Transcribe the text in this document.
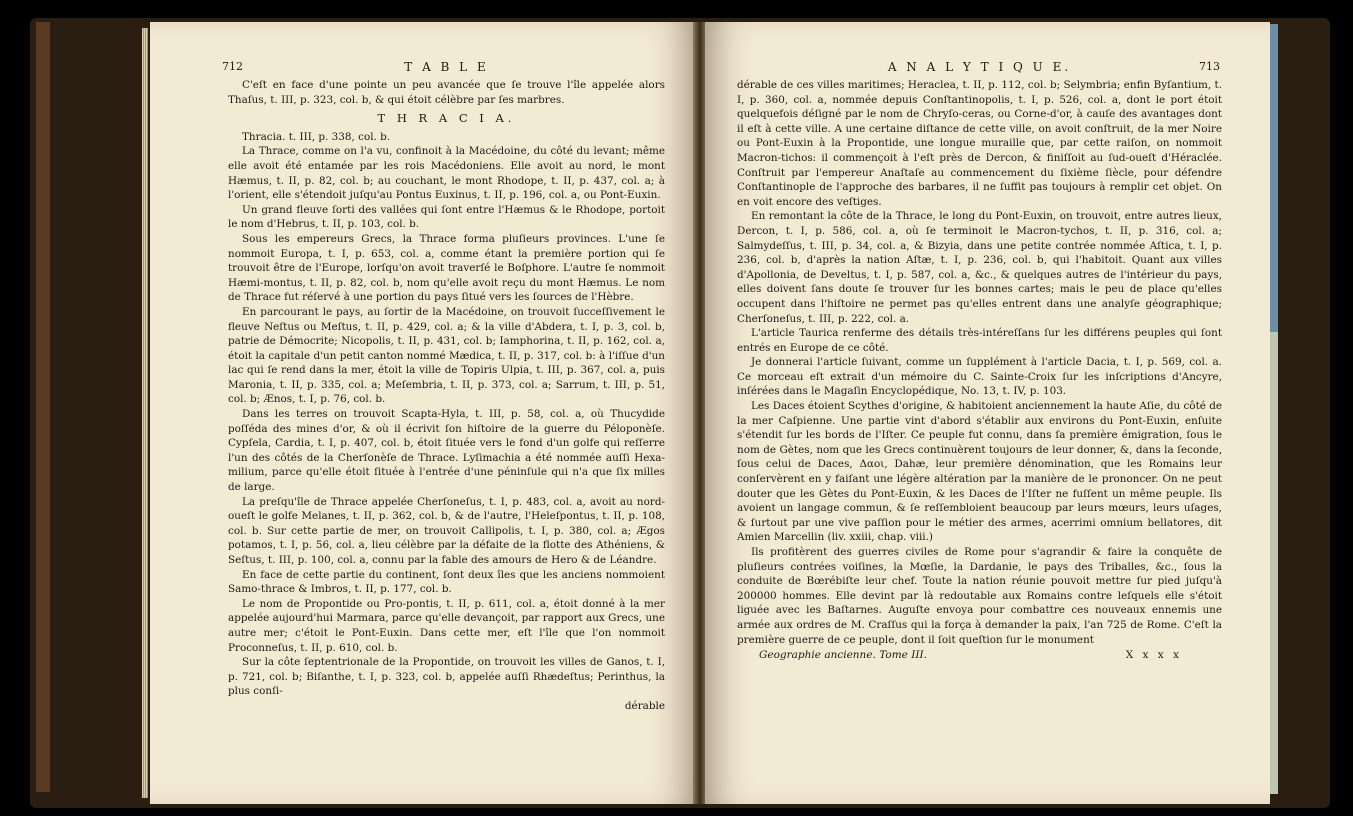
712	T A B L E

C'eſt en face d'une pointe un peu avancée que ſe trouve l'île appelée alors Thaſus, t. III, p. 323, col. b, & qui étoit célèbre par ſes marbres.

T H R A C I A.

Thracia. t. III, p. 338, col. b.

La Thrace, comme on l'a vu, confinoit à la Macédoine, du côté du levant; même elle avoit été entamée par les rois Macédoniens. Elle avoit au nord, le mont Hæmus, t. II, p. 82, col. b; au couchant, le mont Rhodope, t. II, p. 437, col. a; à l'orient, elle s'étendoit juſqu'au Pontus Euxinus, t. II, p. 196, col. a, ou Pont-Euxin.

Un grand fleuve ſorti des vallées qui ſont entre l'Hæmus & le Rhodope, portoit le nom d'Hebrus, t. II, p. 103, col. b.

Sous les empereurs Grecs, la Thrace forma pluſieurs provinces. L'une ſe nommoit Europa, t. I, p. 653, col. a, comme étant la première portion qui ſe trouvoit être de l'Europe, lorſqu'on avoit traverſé le Boſphore. L'autre ſe nommoit Hæmi-montus, t. II, p. 82, col. b, nom qu'elle avoit reçu du mont Hæmus. Le nom de Thrace fut réſervé à une portion du pays ſitué vers les ſources de l'Hèbre.

En parcourant le pays, au ſortir de la Macédoine, on trouvoit ſucceſſivement le fleuve Neſtus ou Meſtus, t. II, p. 429, col. a; & la ville d'Abdera, t. I, p. 3, col. b, patrie de Démocrite; Nicopolis, t. II, p. 431, col. b; Iamphorina, t. II, p. 162, col. a, étoit la capitale d'un petit canton nommé Mædica, t. II, p. 317, col. b: à l'iſſue d'un lac qui ſe rend dans la mer, étoit la ville de Topiris Ulpia, t. III, p. 367, col. a, puis Maronia, t. II, p. 335, col. a; Meſembria, t. II, p. 373, col. a; Sarrum, t. III, p. 51, col. b; Ænos, t. I, p. 76, col. b.

Dans les terres on trouvoit Scapta-Hyla, t. III, p. 58, col. a, où Thucydide poſſéda des mines d'or, & où il écrivit ſon hiſtoire de la guerre du Péloponèſe. Cypſela, Cardia, t. I, p. 407, col. b, étoit ſituée vers le fond d'un golfe qui reſſerre l'un des côtés de la Cherſonèſe de Thrace. Lyſimachia a été nommée auſſi Hexa-milium, parce qu'elle étoit ſituée à l'entrée d'une péninſule qui n'a que ſix milles de large.

La preſqu'île de Thrace appelée Cherſoneſus, t. I, p. 483, col. a, avoit au nord-oueſt le golfe Melanes, t. II, p. 362, col. b, & de l'autre, l'Heleſpontus, t. II, p. 108, col. b. Sur cette partie de mer, on trouvoit Callipolis, t. I, p. 380, col. a; Ægos potamos, t. I, p. 56, col. a, lieu célèbre par la défaite de la flotte des Athéniens, & Seſtus, t. III, p. 100, col. a, connu par la fable des amours de Hero & de Léandre.

En face de cette partie du continent, ſont deux îles que les anciens nommoient Samo-thrace & Imbros, t. II, p. 177, col. b.

Le nom de Propontide ou Pro-pontis, t. II, p. 611, col. a, étoit donné à la mer appelée aujourd'hui Marmara, parce qu'elle devançoit, par rapport aux Grecs, une autre mer; c'étoit le Pont-Euxin. Dans cette mer, eſt l'île que l'on nommoit Proconneſus, t. II, p. 610, col. b.

Sur la côte ſeptentrionale de la Propontide, on trouvoit les villes de Ganos, t. I, p. 721, col. b; Biſanthe, t. I, p. 323, col. b, appelée auſſi Rhædeſtus; Perinthus, la plus conſi-

dérable
A N A L Y T I Q U E.	713

dérable de ces villes maritimes; Heraclea, t. II, p. 112, col. b; Selymbria; enfin Byſantium, t. I, p. 360, col. a, nommée depuis Conſtantinopolis, t. I, p. 526, col. a, dont le port étoit quelquefois déſigné par le nom de Chryſo-ceras, ou Corne-d'or, à cauſe des avantages dont il eſt à cette ville. A une certaine diſtance de cette ville, on avoit conſtruit, de la mer Noire ou Pont-Euxin à la Propontide, une longue muraille que, par cette raiſon, on nommoit Macron-tichos: il commençoit à l'eſt près de Dercon, & finiſſoit au ſud-oueſt d'Héraclée. Conſtruit par l'empereur Anaſtaſe au commencement du ſixième ſiècle, pour défendre Conſtantinople de l'approche des barbares, il ne ſuffit pas toujours à remplir cet objet. On en voit encore des veſtiges.

En remontant la côte de la Thrace, le long du Pont-Euxin, on trouvoit, entre autres lieux, Dercon, t. I, p. 586, col. a, où ſe terminoit le Macron-tychos, t. II, p. 316, col. a; Salmydeſſus, t. III, p. 34, col. a, & Bizyia, dans une petite contrée nommée Aſtica, t. I, p. 236, col. b, d'après la nation Aſtæ, t. I, p. 236, col. b, qui l'habitoit. Quant aux villes d'Apollonia, de Develtus, t. I, p. 587, col. a, &c., & quelques autres de l'intérieur du pays, elles doivent ſans doute ſe trouver ſur les bonnes cartes; mais le peu de place qu'elles occupent dans l'hiſtoire ne permet pas qu'elles entrent dans une analyſe géographique; Cherſoneſus, t. III, p. 222, col. a.

L'article Taurica renferme des détails très-intéreſſans ſur les différens peuples qui ſont entrés en Europe de ce côté.

Je donnerai l'article ſuivant, comme un ſupplément à l'article Dacia, t. I, p. 569, col. a. Ce morceau eſt extrait d'un mémoire du C. Sainte-Croix ſur les inſcriptions d'Ancyre, inſérées dans le Magaſin Encyclopédique, No. 13, t. IV, p. 103.

Les Daces étoient Scythes d'origine, & habitoient anciennement la haute Aſie, du côté de la mer Caſpienne. Une partie vint d'abord s'établir aux environs du Pont-Euxin, enſuite s'étendit ſur les bords de l'Iſter. Ce peuple fut connu, dans ſa première émigration, ſous le nom de Gètes, nom que les Grecs continuèrent toujours de leur donner, &, dans la ſeconde, ſous celui de Daces, Δαοι, Dahæ, leur première dénomination, que les Romains leur conſervèrent en y faiſant une légère altération par la manière de le prononcer. On ne peut douter que les Gètes du Pont-Euxin, & les Daces de l'Iſter ne fuſſent un même peuple. Ils avoient un langage commun, & ſe reſſembloient beaucoup par leurs mœurs, leurs uſages, & ſurtout par une vive paſſion pour le métier des armes, acerrimi omnium bellatores, dit Amien Marcellin (liv. xxiii, chap. viii.)

Ils profitèrent des guerres civiles de Rome pour s'agrandir & faire la conquête de pluſieurs contrées voiſines, la Mœſie, la Dardanie, le pays des Triballes, &c., ſous la conduite de Bœrébiſte leur chef. Toute la nation réunie pouvoit mettre ſur pied juſqu'à 200000 hommes. Elle devint par là redoutable aux Romains contre leſquels elle s'étoit liguée avec les Baſtarnes. Auguſte envoya pour combattre ces nouveaux ennemis une armée aux ordres de M. Craſſus qui la força à demander la paix, l'an 725 de Rome. C'eſt la première guerre de ce peuple, dont il ſoit queſtion ſur le monument

Geographie ancienne. Tome III.	X x x x
